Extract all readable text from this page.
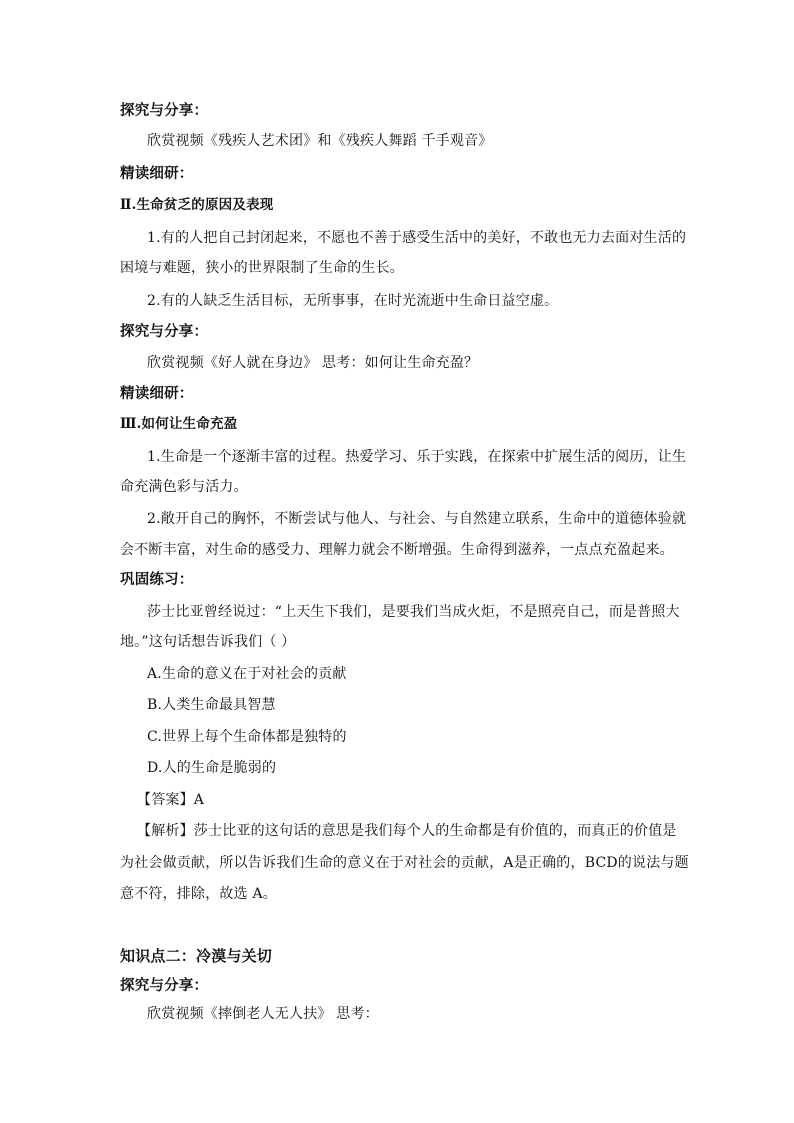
探究与分享：
欣赏视频《残疾人艺术团》和《残疾人舞蹈 千手观音》
精读细研：
Ⅱ.生命贫乏的原因及表现
1.有的人把自己封闭起来，不愿也不善于感受生活中的美好，不敢也无力去面对生活的
困境与难题，狭小的世界限制了生命的生长。
2.有的人缺乏生活目标，无所事事，在时光流逝中生命日益空虚。
探究与分享：
欣赏视频《好人就在身边》 思考：如何让生命充盈？
精读细研：
Ⅲ.如何让生命充盈
1.生命是一个逐渐丰富的过程。热爱学习、乐于实践，在探索中扩展生活的阅历，让生
命充满色彩与活力。
2.敞开自己的胸怀，不断尝试与他人、与社会、与自然建立联系，生命中的道德体验就
会不断丰富，对生命的感受力、理解力就会不断增强。生命得到滋养，一点点充盈起来。
巩固练习：
莎士比亚曾经说过：“上天生下我们，是要我们当成火炬，不是照亮自己，而是普照大
地。”这句话想告诉我们（ ）
A.生命的意义在于对社会的贡献
B.人类生命最具智慧
C.世界上每个生命体都是独特的
D.人的生命是脆弱的
【答案】A
【解析】莎士比亚的这句话的意思是我们每个人的生命都是有价值的，而真正的价值是
为社会做贡献，所以告诉我们生命的意义在于对社会的贡献，A是正确的，BCD的说法与题
意不符，排除，故选 A。
知识点二：冷漠与关切
探究与分享：
欣赏视频《摔倒老人无人扶》 思考：
